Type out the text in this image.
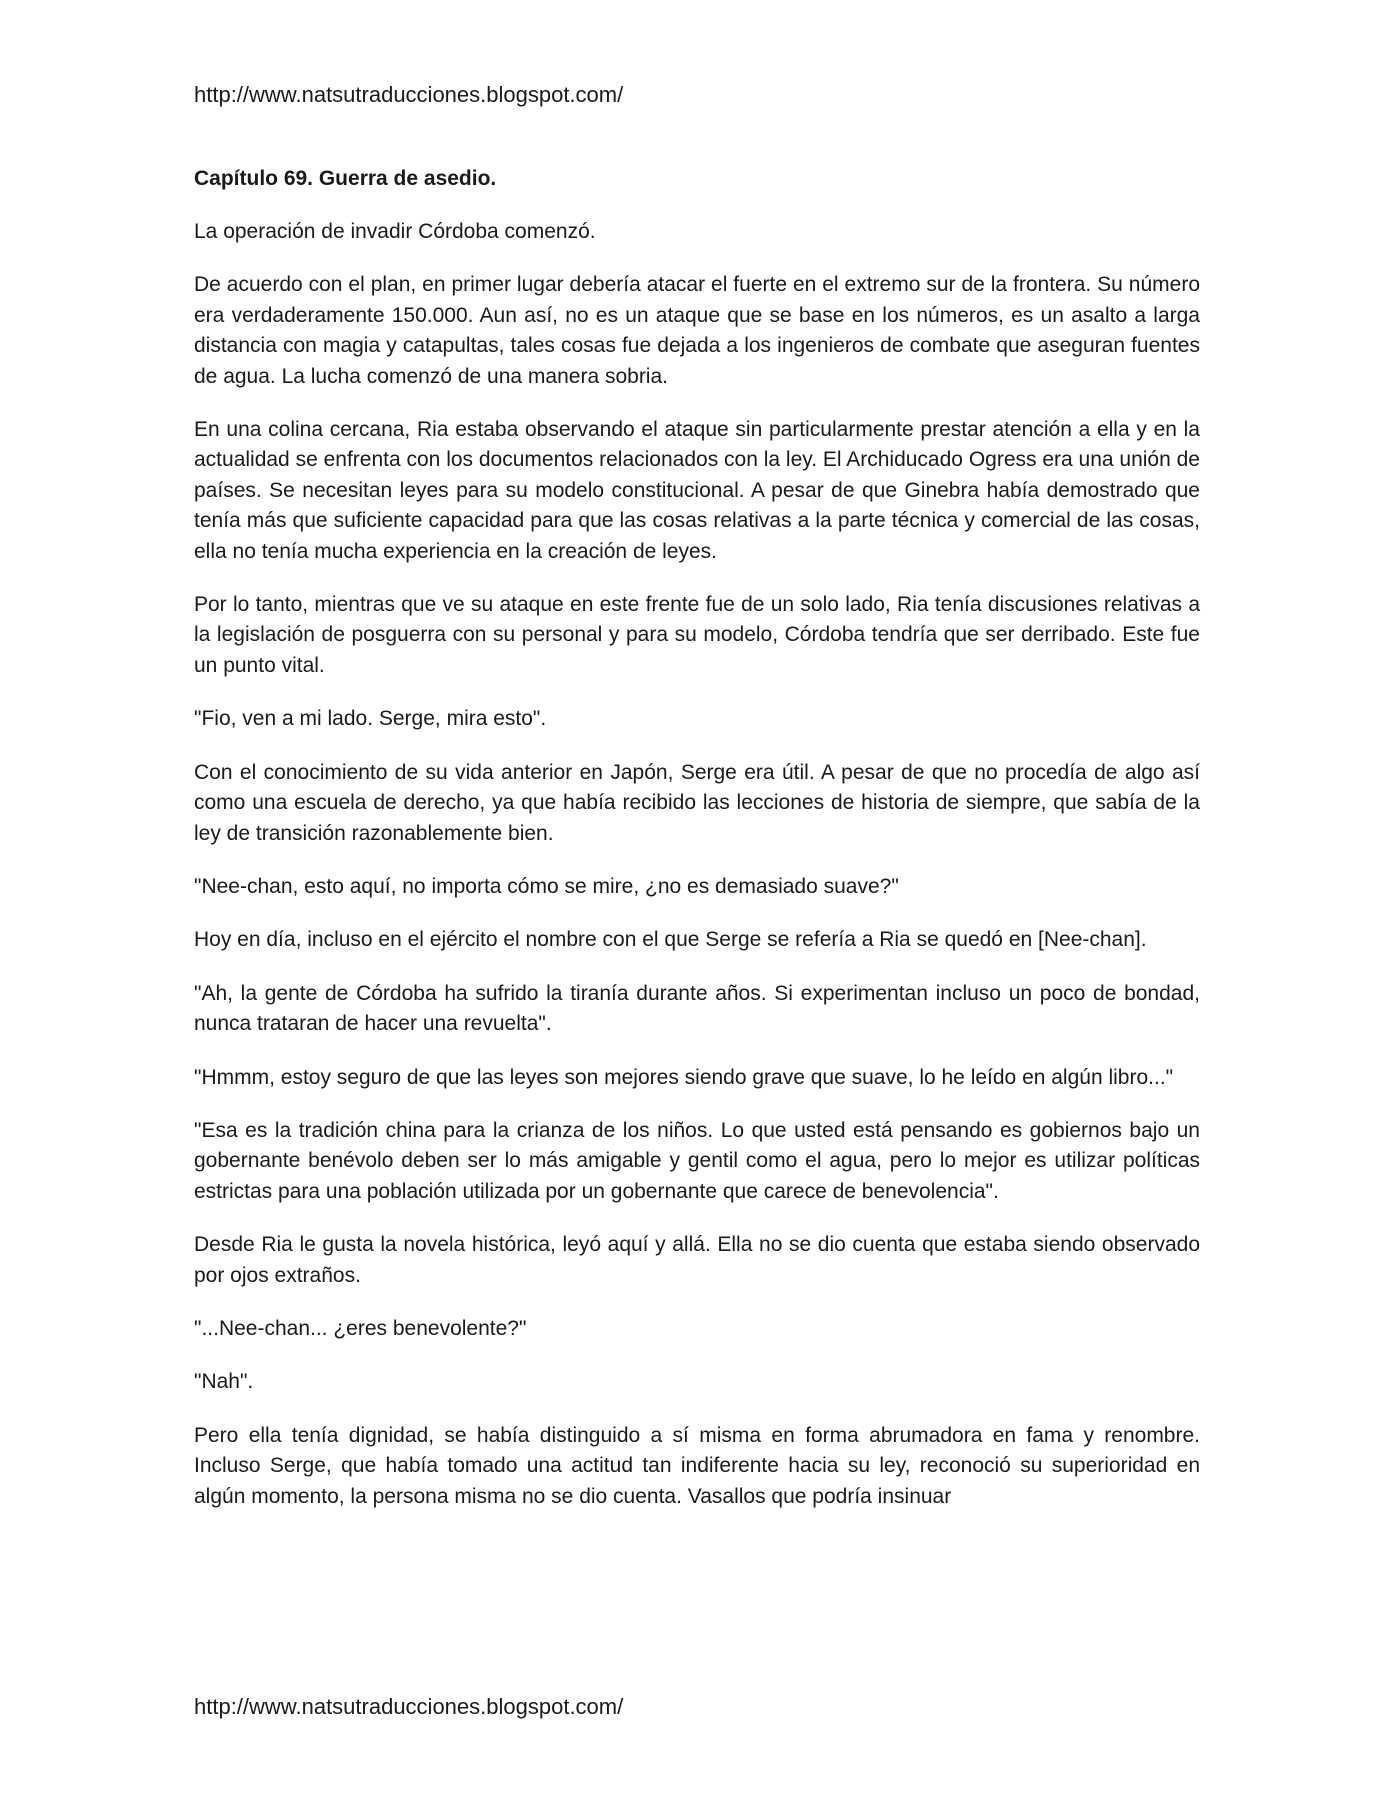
http://www.natsutraducciones.blogspot.com/

Capítulo 69. Guerra de asedio.

La operación de invadir Córdoba comenzó.

De acuerdo con el plan, en primer lugar debería atacar el fuerte en el extremo sur de la frontera. Su número era verdaderamente 150.000. Aun así, no es un ataque que se base en los números, es un asalto a larga distancia con magia y catapultas, tales cosas fue dejada a los ingenieros de combate que aseguran fuentes de agua. La lucha comenzó de una manera sobria.

En una colina cercana, Ria estaba observando el ataque sin particularmente prestar atención a ella y en la actualidad se enfrenta con los documentos relacionados con la ley. El Archiducado Ogress era una unión de países. Se necesitan leyes para su modelo constitucional. A pesar de que Ginebra había demostrado que tenía más que suficiente capacidad para que las cosas relativas a la parte técnica y comercial de las cosas, ella no tenía mucha experiencia en la creación de leyes.

Por lo tanto, mientras que ve su ataque en este frente fue de un solo lado, Ria tenía discusiones relativas a la legislación de posguerra con su personal y para su modelo, Córdoba tendría que ser derribado. Este fue un punto vital.

"Fio, ven a mi lado. Serge, mira esto".

Con el conocimiento de su vida anterior en Japón, Serge era útil. A pesar de que no procedía de algo así como una escuela de derecho, ya que había recibido las lecciones de historia de siempre, que sabía de la ley de transición razonablemente bien.

"Nee-chan, esto aquí, no importa cómo se mire, ¿no es demasiado suave?"

Hoy en día, incluso en el ejército el nombre con el que Serge se refería a Ria se quedó en [Nee-chan].

"Ah, la gente de Córdoba ha sufrido la tiranía durante años. Si experimentan incluso un poco de bondad, nunca trataran de hacer una revuelta".

"Hmmm, estoy seguro de que las leyes son mejores siendo grave que suave, lo he leído en algún libro..."

"Esa es la tradición china para la crianza de los niños. Lo que usted está pensando es gobiernos bajo un gobernante benévolo deben ser lo más amigable y gentil como el agua, pero lo mejor es utilizar políticas estrictas para una población utilizada por un gobernante que carece de benevolencia".

Desde Ria le gusta la novela histórica, leyó aquí y allá. Ella no se dio cuenta que estaba siendo observado por ojos extraños.

"...Nee-chan... ¿eres benevolente?"

"Nah".

Pero ella tenía dignidad, se había distinguido a sí misma en forma abrumadora en fama y renombre. Incluso Serge, que había tomado una actitud tan indiferente hacia su ley, reconoció su superioridad en algún momento, la persona misma no se dio cuenta. Vasallos que podría insinuar

http://www.natsutraducciones.blogspot.com/
